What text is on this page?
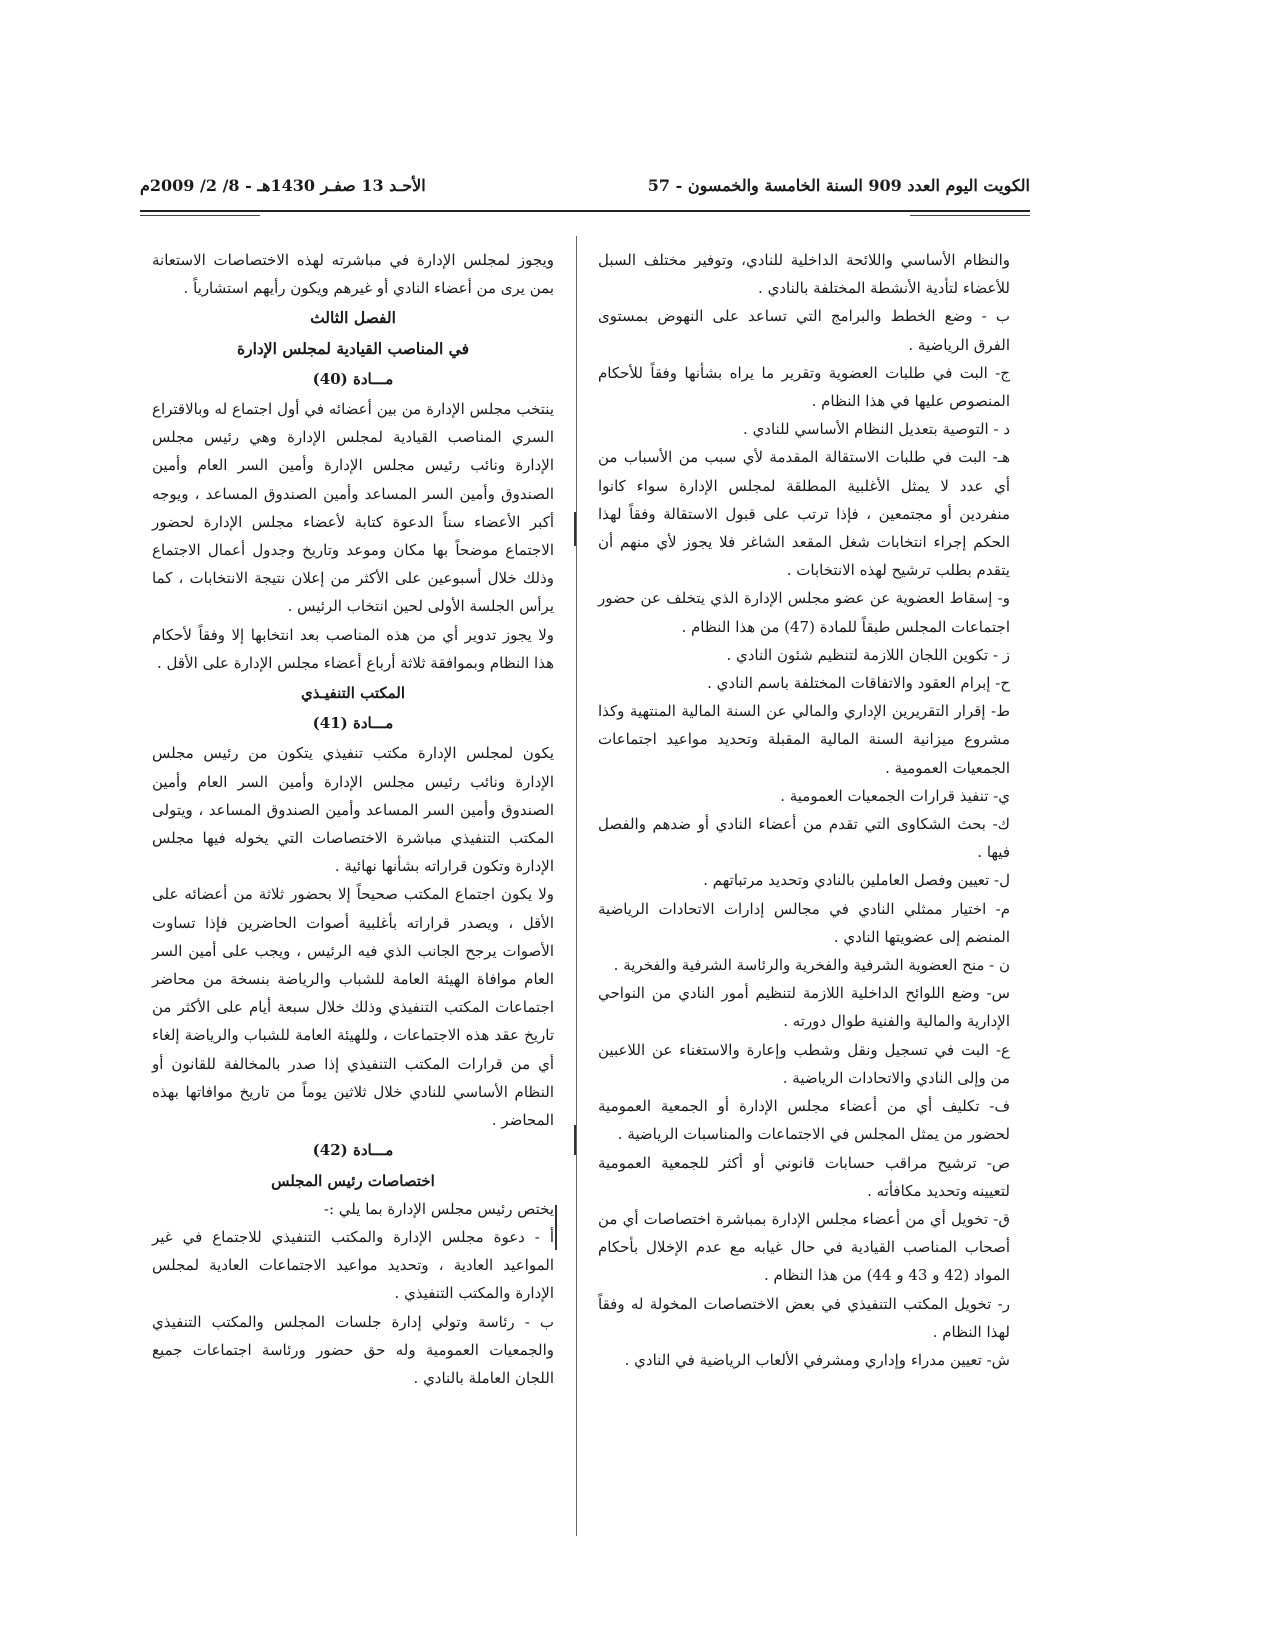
الكويت اليوم العدد 909 السنة الخامسة والخمسون - 57
الأحـد 13 صفـر 1430هـ - 8/ 2/ 2009م

والنظام الأساسي واللائحة الداخلية للنادي، وتوفير مختلف السبل للأعضاء لتأدية الأنشطة المختلفة بالنادي .

ب - وضع الخطط والبرامج التي تساعد على النهوض بمستوى الفرق الرياضية .

ج- البت في طلبات العضوية وتقرير ما يراه بشأنها وفقاً للأحكام المنصوص عليها في هذا النظام .

د - التوصية بتعديل النظام الأساسي للنادي .

هـ- البت في طلبات الاستقالة المقدمة لأي سبب من الأسباب من أي عدد لا يمثل الأغلبية المطلقة لمجلس الإدارة سواء كانوا منفردين أو مجتمعين ، فإذا ترتب على قبول الاستقالة وفقاً لهذا الحكم إجراء انتخابات شغل المقعد الشاغر فلا يجوز لأي منهم أن يتقدم بطلب ترشيح لهذه الانتخابات .

و- إسقاط العضوية عن عضو مجلس الإدارة الذي يتخلف عن حضور اجتماعات المجلس طبقاً للمادة (47) من هذا النظام .

ز - تكوين اللجان اللازمة لتنظيم شئون النادي .

ح- إبرام العقود والاتفاقات المختلفة باسم النادي .

ط- إقرار التقريرين الإداري والمالي عن السنة المالية المنتهية وكذا مشروع ميزانية السنة المالية المقبلة وتحديد مواعيد اجتماعات الجمعيات العمومية .

ي- تنفيذ قرارات الجمعيات العمومية .

ك- بحث الشكاوى التي تقدم من أعضاء النادي أو ضدهم والفصل فيها .

ل- تعيين وفصل العاملين بالنادي وتحديد مرتباتهم .

م- اختيار ممثلي النادي في مجالس إدارات الاتحادات الرياضية المنضم إلى عضويتها النادي .

ن - منح العضوية الشرفية والفخرية والرئاسة الشرفية والفخرية .

س- وضع اللوائح الداخلية اللازمة لتنظيم أمور النادي من النواحي الإدارية والمالية والفنية طوال دورته .

ع- البت في تسجيل ونقل وشطب وإعارة والاستغناء عن اللاعبين من وإلى النادي والاتحادات الرياضية .

ف- تكليف أي من أعضاء مجلس الإدارة أو الجمعية العمومية لحضور من يمثل المجلس في الاجتماعات والمناسبات الرياضية .

ص- ترشيح مراقب حسابات قانوني أو أكثر للجمعية العمومية لتعيينه وتحديد مكافأته .

ق- تخويل أي من أعضاء مجلس الإدارة بمباشرة اختصاصات أي من أصحاب المناصب القيادية في حال غيابه مع عدم الإخلال بأحكام المواد (42 و 43 و 44) من هذا النظام .

ر- تخويل المكتب التنفيذي في بعض الاختصاصات المخولة له وفقاً لهذا النظام .

ش- تعيين مدراء وإداري ومشرفي الألعاب الرياضية في النادي .

ويجوز لمجلس الإدارة في مباشرته لهذه الاختصاصات الاستعانة بمن يرى من أعضاء النادي أو غيرهم ويكون رأيهم استشارياً .

الفصل الثالث

في المناصب القيادية لمجلس الإدارة

مـــادة (40)

ينتخب مجلس الإدارة من بين أعضائه في أول اجتماع له وبالاقتراع السري المناصب القيادية لمجلس الإدارة وهي رئيس مجلس الإدارة ونائب رئيس مجلس الإدارة وأمين السر العام وأمين الصندوق وأمين السر المساعد وأمين الصندوق المساعد ، ويوجه أكبر الأعضاء سناً الدعوة كتابة لأعضاء مجلس الإدارة لحضور الاجتماع موضحاً بها مكان وموعد وتاريخ وجدول أعمال الاجتماع وذلك خلال أسبوعين على الأكثر من إعلان نتيجة الانتخابات ، كما يرأس الجلسة الأولى لحين انتخاب الرئيس .

ولا يجوز تدوير أي من هذه المناصب بعد انتخابها إلا وفقاً لأحكام هذا النظام وبموافقة ثلاثة أرباع أعضاء مجلس الإدارة على الأقل .

المكتب التنفيـذي

مـــادة (41)

يكون لمجلس الإدارة مكتب تنفيذي يتكون من رئيس مجلس الإدارة ونائب رئيس مجلس الإدارة وأمين السر العام وأمين الصندوق وأمين السر المساعد وأمين الصندوق المساعد ، ويتولى المكتب التنفيذي مباشرة الاختصاصات التي يخوله فيها مجلس الإدارة وتكون قراراته بشأنها نهائية .

ولا يكون اجتماع المكتب صحيحاً إلا بحضور ثلاثة من أعضائه على الأقل ، ويصدر قراراته بأغلبية أصوات الحاضرين فإذا تساوت الأصوات يرجح الجانب الذي فيه الرئيس ، ويجب على أمين السر العام موافاة الهيئة العامة للشباب والرياضة بنسخة من محاضر اجتماعات المكتب التنفيذي وذلك خلال سبعة أيام على الأكثر من تاريخ عقد هذه الاجتماعات ، وللهيئة العامة للشباب والرياضة إلغاء أي من قرارات المكتب التنفيذي إذا صدر بالمخالفة للقانون أو النظام الأساسي للنادي خلال ثلاثين يوماً من تاريخ موافاتها بهذه المحاضر .

مـــادة (42)

اختصاصات رئيس المجلس

يختص رئيس مجلس الإدارة بما يلي :-

أ - دعوة مجلس الإدارة والمكتب التنفيذي للاجتماع في غير المواعيد العادية ، وتحديد مواعيد الاجتماعات العادية لمجلس الإدارة والمكتب التنفيذي .

ب - رئاسة وتولي إدارة جلسات المجلس والمكتب التنفيذي والجمعيات العمومية وله حق حضور ورئاسة اجتماعات جميع اللجان العاملة بالنادي .
